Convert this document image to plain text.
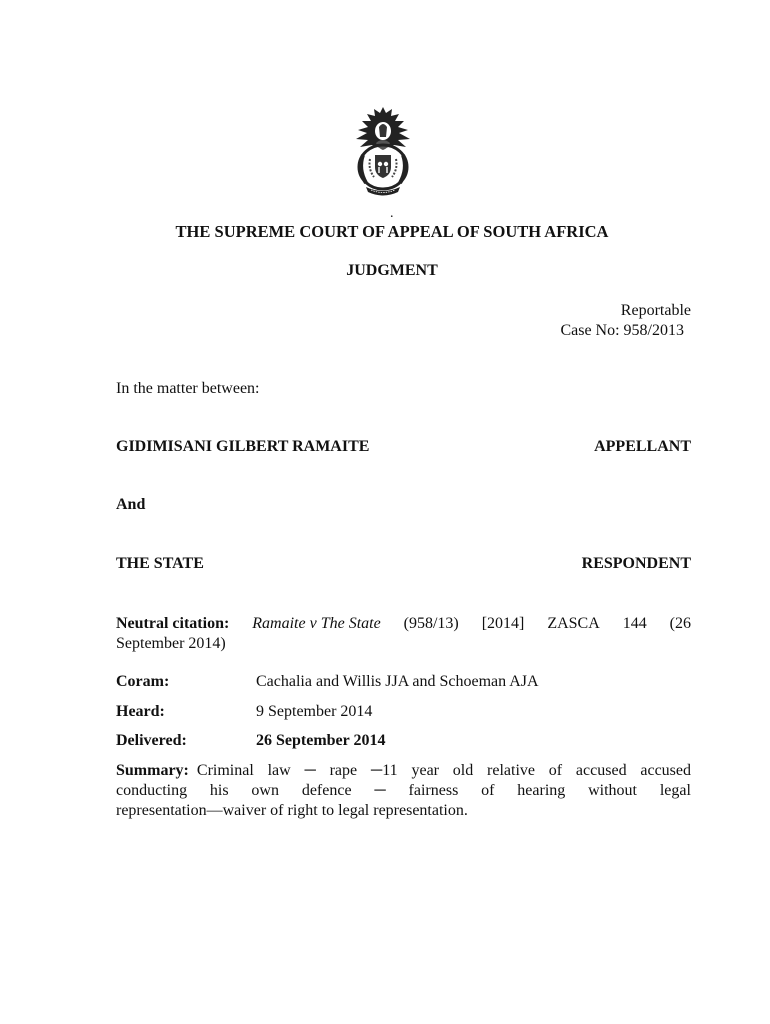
.
THE SUPREME COURT OF APPEAL OF SOUTH AFRICA
JUDGMENT
Reportable
Case No: 958/2013
In the matter between:
GIDIMISANI GILBERT RAMAITE	APPELLANT
And
THE STATE	RESPONDENT
Neutral citation: Ramaite v The State (958/13) [2014] ZASCA 144 (26
September 2014)
Coram:	Cachalia and Willis JJA and Schoeman AJA
Heard:	9 September 2014
Delivered:	26 September 2014
Summary: Criminal law ─ rape ─11 year old relative of accused accused
conducting his own defence ─ fairness of hearing without legal
representation—waiver of right to legal representation.
